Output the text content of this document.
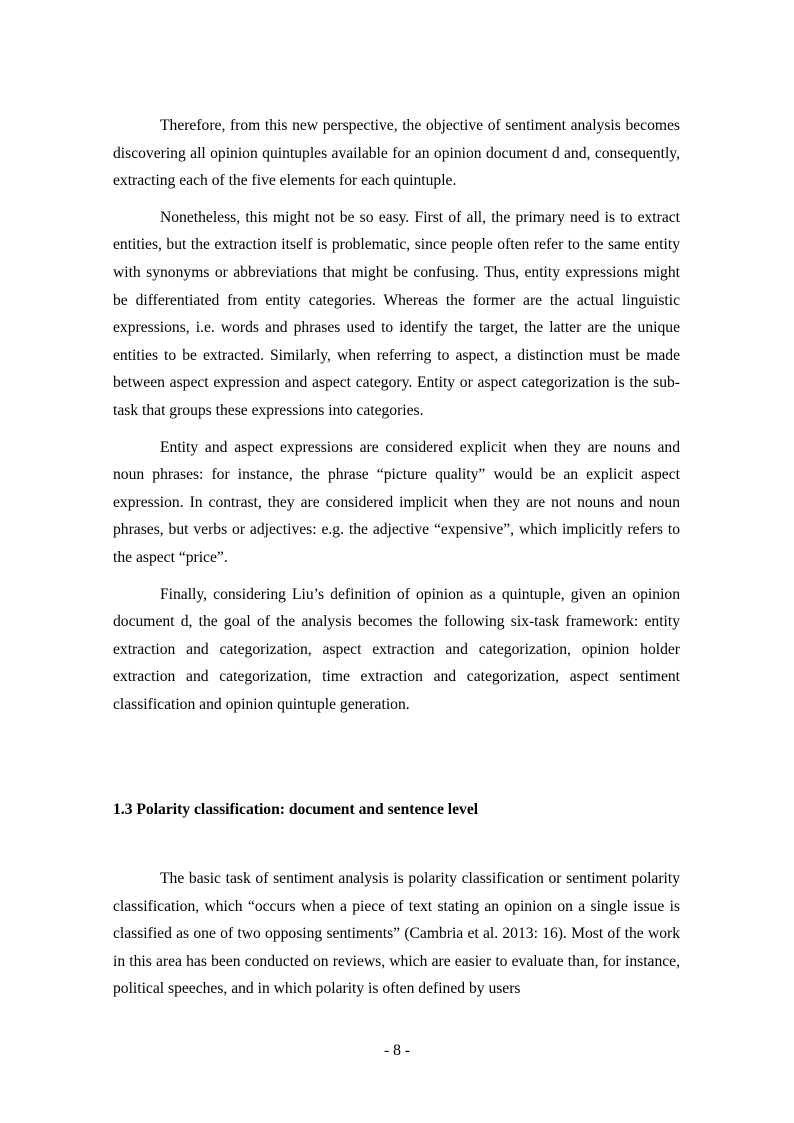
Therefore, from this new perspective, the objective of sentiment analysis becomes discovering all opinion quintuples available for an opinion document d and, consequently, extracting each of the five elements for each quintuple.

Nonetheless, this might not be so easy. First of all, the primary need is to extract entities, but the extraction itself is problematic, since people often refer to the same entity with synonyms or abbreviations that might be confusing. Thus, entity expressions might be differentiated from entity categories. Whereas the former are the actual linguistic expressions, i.e. words and phrases used to identify the target, the latter are the unique entities to be extracted. Similarly, when referring to aspect, a distinction must be made between aspect expression and aspect category. Entity or aspect categorization is the sub-task that groups these expressions into categories.

Entity and aspect expressions are considered explicit when they are nouns and noun phrases: for instance, the phrase “picture quality” would be an explicit aspect expression. In contrast, they are considered implicit when they are not nouns and noun phrases, but verbs or adjectives: e.g. the adjective “expensive”, which implicitly refers to the aspect “price”.

Finally, considering Liu’s definition of opinion as a quintuple, given an opinion document d, the goal of the analysis becomes the following six-task framework: entity extraction and categorization, aspect extraction and categorization, opinion holder extraction and categorization, time extraction and categorization, aspect sentiment classification and opinion quintuple generation.

1.3 Polarity classification: document and sentence level

The basic task of sentiment analysis is polarity classification or sentiment polarity classification, which “occurs when a piece of text stating an opinion on a single issue is classified as one of two opposing sentiments” (Cambria et al. 2013: 16). Most of the work in this area has been conducted on reviews, which are easier to evaluate than, for instance, political speeches, and in which polarity is often defined by users

- 8 -
